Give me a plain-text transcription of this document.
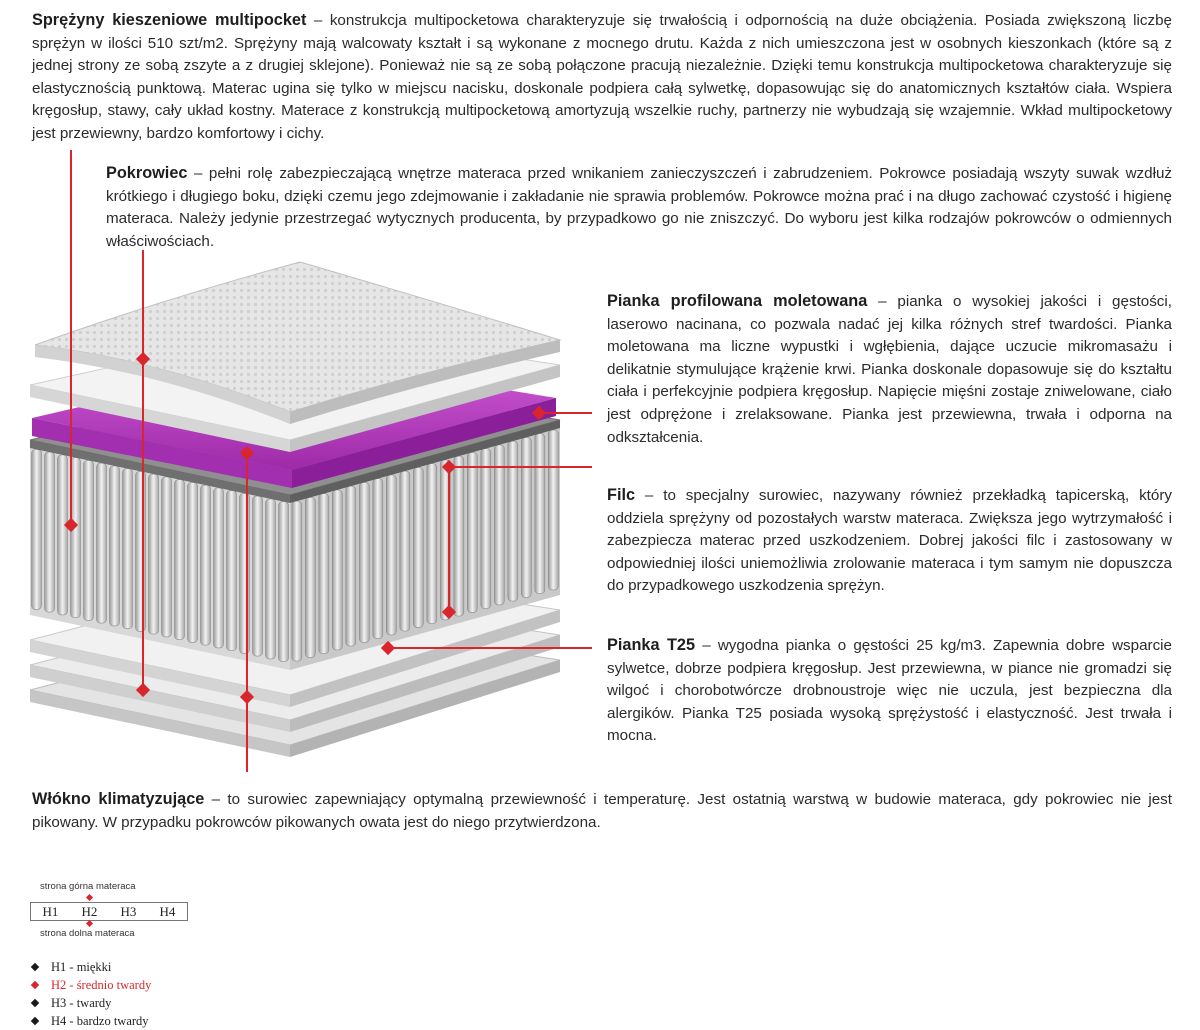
Sprężyny kieszeniowe multipocket – konstrukcja multipocketowa charakteryzuje się trwałością i odpornością na duże obciążenia. Posiada zwiększoną liczbę sprężyn w ilości 510 szt/m2. Sprężyny mają walcowaty kształt i są wykonane z mocnego drutu. Każda z nich umieszczona jest w osobnych kieszonkach (które są z jednej strony ze sobą zszyte a z drugiej sklejone). Ponieważ nie są ze sobą połączone pracują niezależnie. Dzięki temu konstrukcja multipocketowa charakteryzuje się elastycznością punktową. Materac ugina się tylko w miejscu nacisku, doskonale podpiera całą sylwetkę, dopasowując się do anatomicznych kształtów ciała. Wspiera kręgosłup, stawy, cały układ kostny. Materace z konstrukcją multipocketową amortyzują wszelkie ruchy, partnerzy nie wybudzają się wzajemnie. Wkład multipocketowy jest przewiewny, bardzo komfortowy i cichy.
Pokrowiec – pełni rolę zabezpieczającą wnętrze materaca przed wnikaniem zanieczyszczeń i zabrudzeniem. Pokrowce posiadają wszyty suwak wzdłuż krótkiego i długiego boku, dzięki czemu jego zdejmowanie i zakładanie nie sprawia problemów. Pokrowce można prać i na długo zachować czystość i higienę materaca. Należy jedynie przestrzegać wytycznych producenta, by przypadkowo go nie zniszczyć. Do wyboru jest kilka rodzajów pokrowców o odmiennych właściwościach.
Pianka profilowana moletowana – pianka o wysokiej jakości i gęstości, laserowo nacinana, co pozwala nadać jej kilka różnych stref twardości. Pianka moletowana ma liczne wypustki i wgłębienia, dające uczucie mikromasażu i delikatnie stymulujące krążenie krwi. Pianka doskonale dopasowuje się do kształtu ciała i perfekcyjnie podpiera kręgosłup. Napięcie mięśni zostaje zniwelowane, ciało jest odprężone i zrelaksowane. Pianka jest przewiewna, trwała i odporna na odkształcenia.
Filc – to specjalny surowiec, nazywany również przekładką tapicerską, który oddziela sprężyny od pozostałych warstw materaca. Zwiększa jego wytrzymałość i zabezpiecza materac przed uszkodzeniem. Dobrej jakości filc i zastosowany w odpowiedniej ilości uniemożliwia zrolowanie materaca i tym samym nie dopuszcza do przypadkowego uszkodzenia sprężyn.
Pianka T25 – wygodna pianka o gęstości 25 kg/m3. Zapewnia dobre wsparcie sylwetce, dobrze podpiera kręgosłup. Jest przewiewna, w piance nie gromadzi się wilgoć i chorobotwórcze drobnoustroje więc nie uczula, jest bezpieczna dla alergików. Pianka T25 posiada wysoką sprężystość i elastyczność. Jest trwała i mocna.
Włókno klimatyzujące – to surowiec zapewniający optymalną przewiewność i temperaturę. Jest ostatnią warstwą w budowie materaca, gdy pokrowiec nie jest pikowany. W przypadku pokrowców pikowanych owata jest do niego przytwierdzona.
strona górna materaca
H1 H2 H3 H4
strona dolna materaca
H1 - miękki
H2 - średnio twardy
H3 - twardy
H4 - bardzo twardy
